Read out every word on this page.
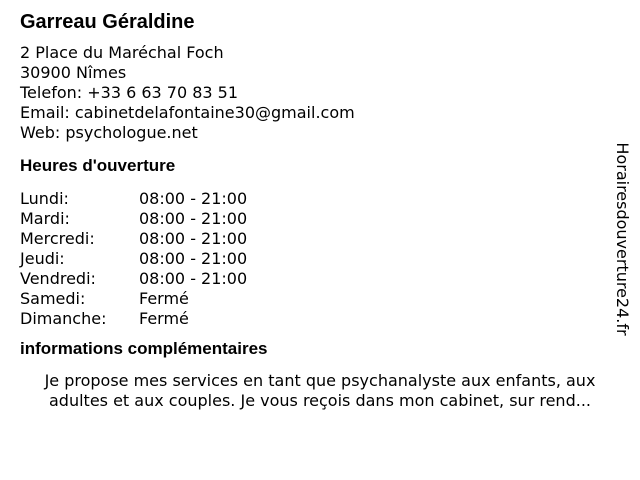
Garreau Géraldine
2 Place du Maréchal Foch
30900 Nîmes
Telefon: +33 6 63 70 83 51
Email: cabinetdelafontaine30@gmail.com
Web: psychologue.net
Heures d'ouverture
Lundi:	08:00 - 21:00
Mardi:	08:00 - 21:00
Mercredi:	08:00 - 21:00
Jeudi:	08:00 - 21:00
Vendredi:	08:00 - 21:00
Samedi:	Fermé
Dimanche:	Fermé
informations complémentaires
Je propose mes services en tant que psychanalyste aux enfants, aux adultes et aux couples. Je vous reçois dans mon cabinet, sur rend...
Horairesdouverture24.fr
